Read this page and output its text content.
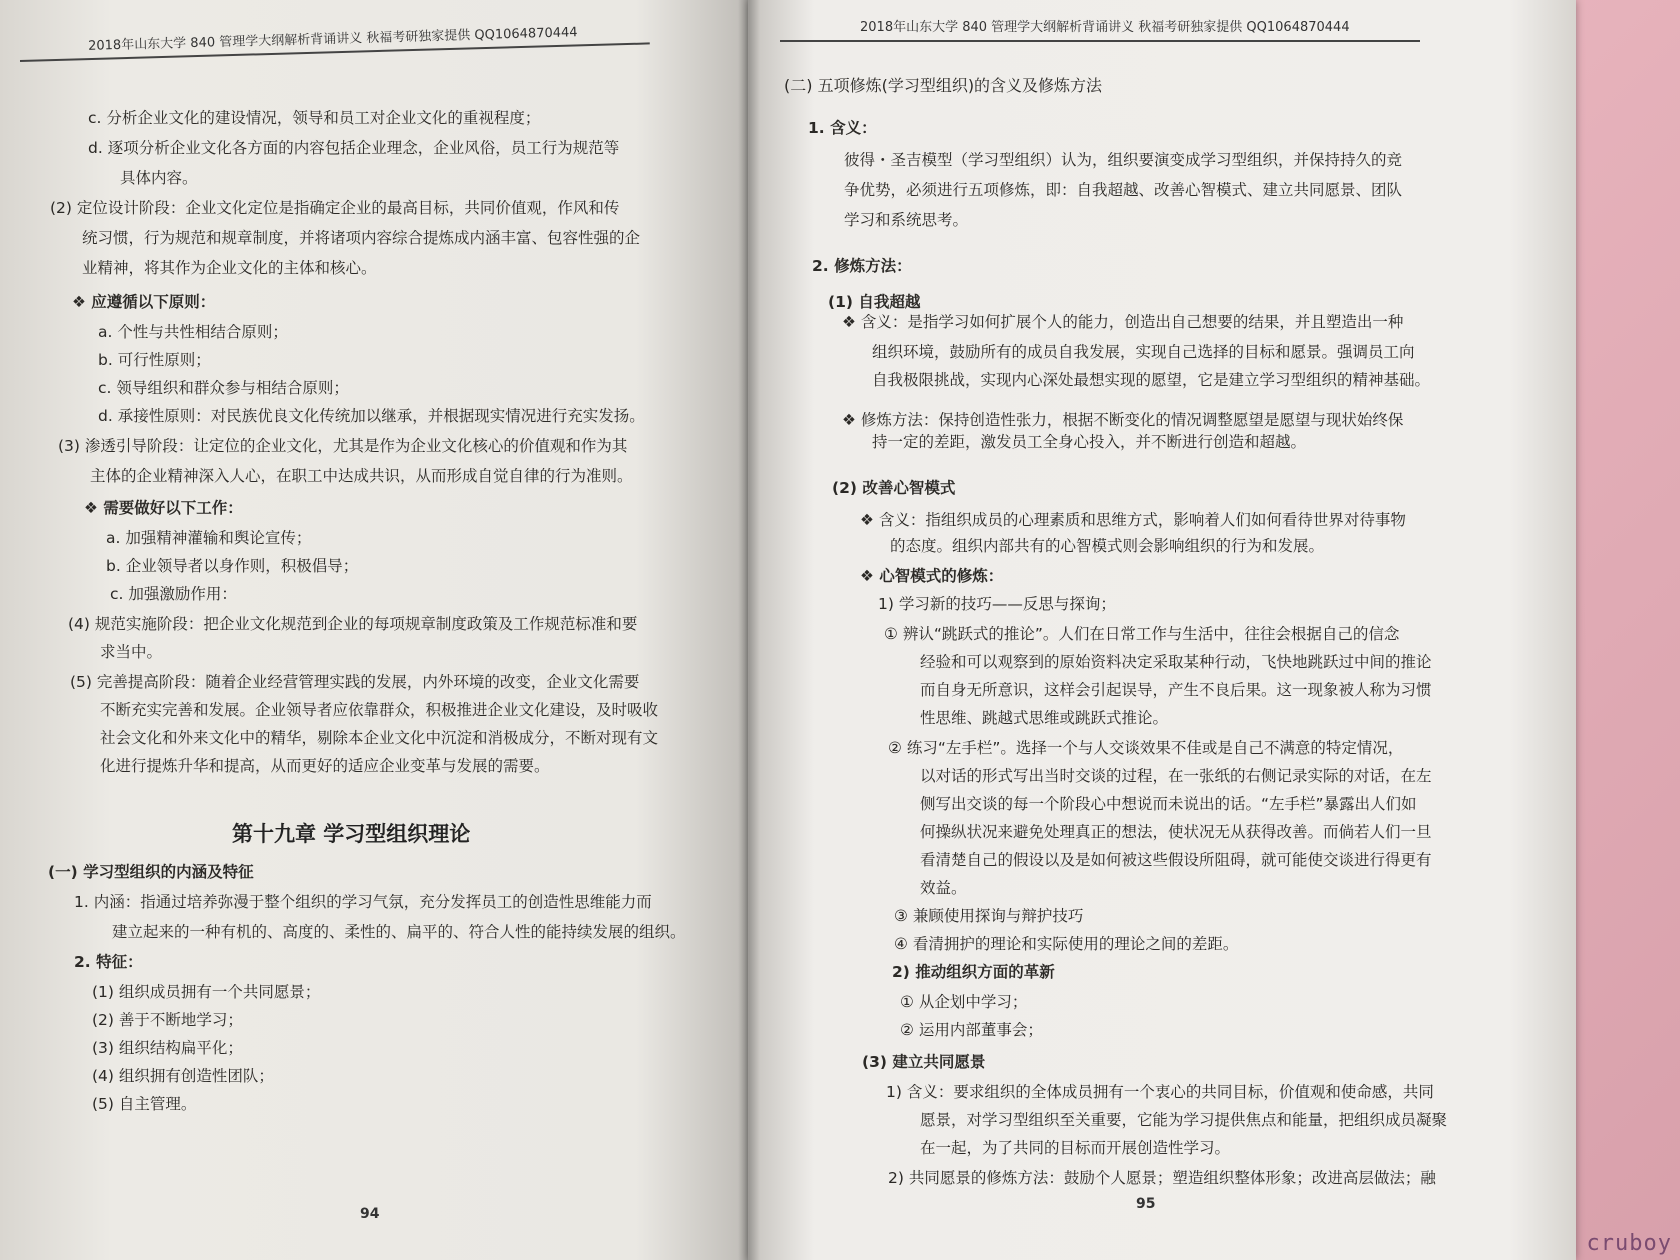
2018年山东大学 840 管理学大纲解析背诵讲义 秋福考研独家提供 QQ1064870444
c. 分析企业文化的建设情况，领导和员工对企业文化的重视程度；
d. 逐项分析企业文化各方面的内容包括企业理念，企业风俗，员工行为规范等
具体内容。
(2) 定位设计阶段：企业文化定位是指确定企业的最高目标，共同价值观，作风和传
统习惯，行为规范和规章制度，并将诸项内容综合提炼成内涵丰富、包容性强的企
业精神，将其作为企业文化的主体和核心。
❖ 应遵循以下原则：
a. 个性与共性相结合原则；
b. 可行性原则；
c. 领导组织和群众参与相结合原则；
d. 承接性原则：对民族优良文化传统加以继承，并根据现实情况进行充实发扬。
(3) 渗透引导阶段：让定位的企业文化，尤其是作为企业文化核心的价值观和作为其
主体的企业精神深入人心，在职工中达成共识，从而形成自觉自律的行为准则。
❖ 需要做好以下工作：
a. 加强精神灌输和舆论宣传；
b. 企业领导者以身作则，积极倡导；
c. 加强激励作用：
(4) 规范实施阶段：把企业文化规范到企业的每项规章制度政策及工作规范标准和要
求当中。
(5) 完善提高阶段：随着企业经营管理实践的发展，内外环境的改变，企业文化需要
不断充实完善和发展。企业领导者应依靠群众，积极推进企业文化建设，及时吸收
社会文化和外来文化中的精华，剔除本企业文化中沉淀和消极成分，不断对现有文
化进行提炼升华和提高，从而更好的适应企业变革与发展的需要。
第十九章 学习型组织理论
(一) 学习型组织的内涵及特征
1. 内涵：指通过培养弥漫于整个组织的学习气氛，充分发挥员工的创造性思维能力而
建立起来的一种有机的、高度的、柔性的、扁平的、符合人性的能持续发展的组织。
2. 特征：
(1) 组织成员拥有一个共同愿景；
(2) 善于不断地学习；
(3) 组织结构扁平化；
(4) 组织拥有创造性团队；
(5) 自主管理。
94
2018年山东大学 840 管理学大纲解析背诵讲义 秋福考研独家提供 QQ1064870444
(二) 五项修炼(学习型组织)的含义及修炼方法
1. 含义：
彼得・圣吉模型（学习型组织）认为，组织要演变成学习型组织，并保持持久的竞
争优势，必须进行五项修炼，即：自我超越、改善心智模式、建立共同愿景、团队
学习和系统思考。
2. 修炼方法：
(1) 自我超越
❖ 含义：是指学习如何扩展个人的能力，创造出自己想要的结果，并且塑造出一种
组织环境，鼓励所有的成员自我发展，实现自己选择的目标和愿景。强调员工向
自我极限挑战，实现内心深处最想实现的愿望，它是建立学习型组织的精神基础。
❖ 修炼方法：保持创造性张力，根据不断变化的情况调整愿望是愿望与现状始终保
持一定的差距，激发员工全身心投入，并不断进行创造和超越。
(2) 改善心智模式
❖ 含义：指组织成员的心理素质和思维方式，影响着人们如何看待世界对待事物
的态度。组织内部共有的心智模式则会影响组织的行为和发展。
❖ 心智模式的修炼：
1) 学习新的技巧——反思与探询；
① 辨认“跳跃式的推论”。人们在日常工作与生活中，往往会根据自己的信念
经验和可以观察到的原始资料决定采取某种行动，飞快地跳跃过中间的推论
而自身无所意识，这样会引起误导，产生不良后果。这一现象被人称为习惯
性思维、跳越式思维或跳跃式推论。
② 练习“左手栏”。选择一个与人交谈效果不佳或是自己不满意的特定情况，
以对话的形式写出当时交谈的过程，在一张纸的右侧记录实际的对话，在左
侧写出交谈的每一个阶段心中想说而未说出的话。“左手栏”暴露出人们如
何操纵状况来避免处理真正的想法，使状况无从获得改善。而倘若人们一旦
看清楚自己的假设以及是如何被这些假设所阻碍，就可能使交谈进行得更有
效益。
③ 兼顾使用探询与辩护技巧
④ 看清拥护的理论和实际使用的理论之间的差距。
2) 推动组织方面的革新
① 从企划中学习；
② 运用内部董事会；
(3) 建立共同愿景
1) 含义：要求组织的全体成员拥有一个衷心的共同目标，价值观和使命感，共同
愿景，对学习型组织至关重要，它能为学习提供焦点和能量，把组织成员凝聚
在一起，为了共同的目标而开展创造性学习。
2) 共同愿景的修炼方法：鼓励个人愿景；塑造组织整体形象；改进高层做法；融
95
cruboy
